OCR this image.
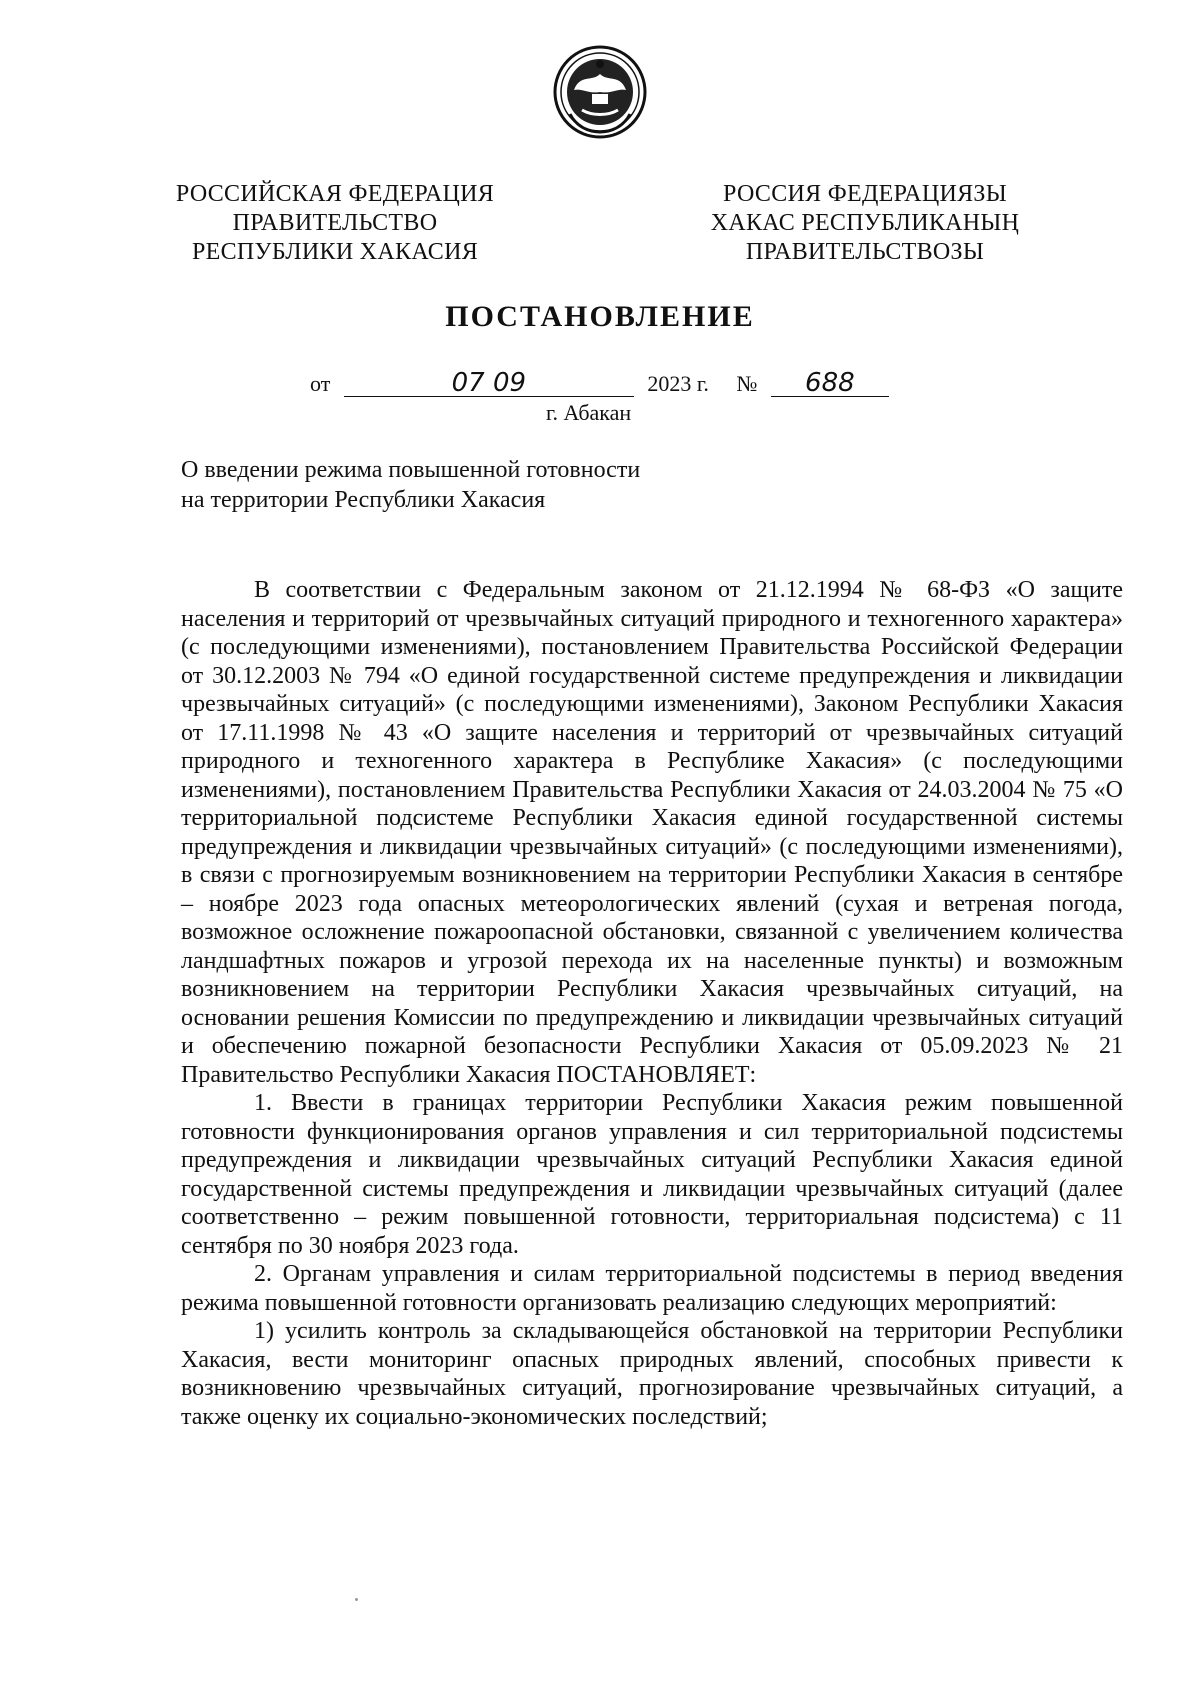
РОССИЙСКАЯ ФЕДЕРАЦИЯ
ПРАВИТЕЛЬСТВО
РЕСПУБЛИКИ ХАКАСИЯ
РОССИЯ ФЕДЕРАЦИЯЗЫ
ХАКАС РЕСПУБЛИКАНЫҢ
ПРАВИТЕЛЬСТВОЗЫ
ПОСТАНОВЛЕНИЕ
от	07 09	2023 г. № 688
г. Абакан
О введении режима повышенной готовности
на территории Республики Хакасия

В соответствии с Федеральным законом от 21.12.1994 № 68-ФЗ «О защите населения и территорий от чрезвычайных ситуаций природного и техногенного характера» (с последующими изменениями), постановлением Правительства Российской Федерации от 30.12.2003 № 794 «О единой государственной системе предупреждения и ликвидации чрезвычайных ситуаций» (с последующими изменениями), Законом Республики Хакасия от 17.11.1998 № 43 «О защите населения и территорий от чрезвычайных ситуаций природного и техногенного характера в Республике Хакасия» (с последующими изменениями), постановлением Правительства Республики Хакасия от 24.03.2004 № 75 «О территориальной подсистеме Республики Хакасия единой государственной системы предупреждения и ликвидации чрезвычайных ситуаций» (с последующими изменениями), в связи с прогнозируемым возникновением на территории Республики Хакасия в сентябре – ноябре 2023 года опасных метеорологических явлений (сухая и ветреная погода, возможное осложнение пожароопасной обстановки, связанной с увеличением количества ландшафтных пожаров и угрозой перехода их на населенные пункты) и возможным возникновением на территории Республики Хакасия чрезвычайных ситуаций, на основании решения Комиссии по предупреждению и ликвидации чрезвычайных ситуаций и обеспечению пожарной безопасности Республики Хакасия от 05.09.2023 № 21 Правительство Республики Хакасия ПОСТАНОВЛЯЕТ:

1. Ввести в границах территории Республики Хакасия режим повышенной готовности функционирования органов управления и сил территориальной подсистемы предупреждения и ликвидации чрезвычайных ситуаций Республики Хакасия единой государственной системы предупреждения и ликвидации чрезвычайных ситуаций (далее соответственно – режим повышенной готовности, территориальная подсистема) с 11 сентября по 30 ноября 2023 года.

2. Органам управления и силам территориальной подсистемы в период введения режима повышенной готовности организовать реализацию следующих мероприятий:

1) усилить контроль за складывающейся обстановкой на территории Республики Хакасия, вести мониторинг опасных природных явлений, способных привести к возникновению чрезвычайных ситуаций, прогнозирование чрезвычайных ситуаций, а также оценку их социально-экономических последствий;
